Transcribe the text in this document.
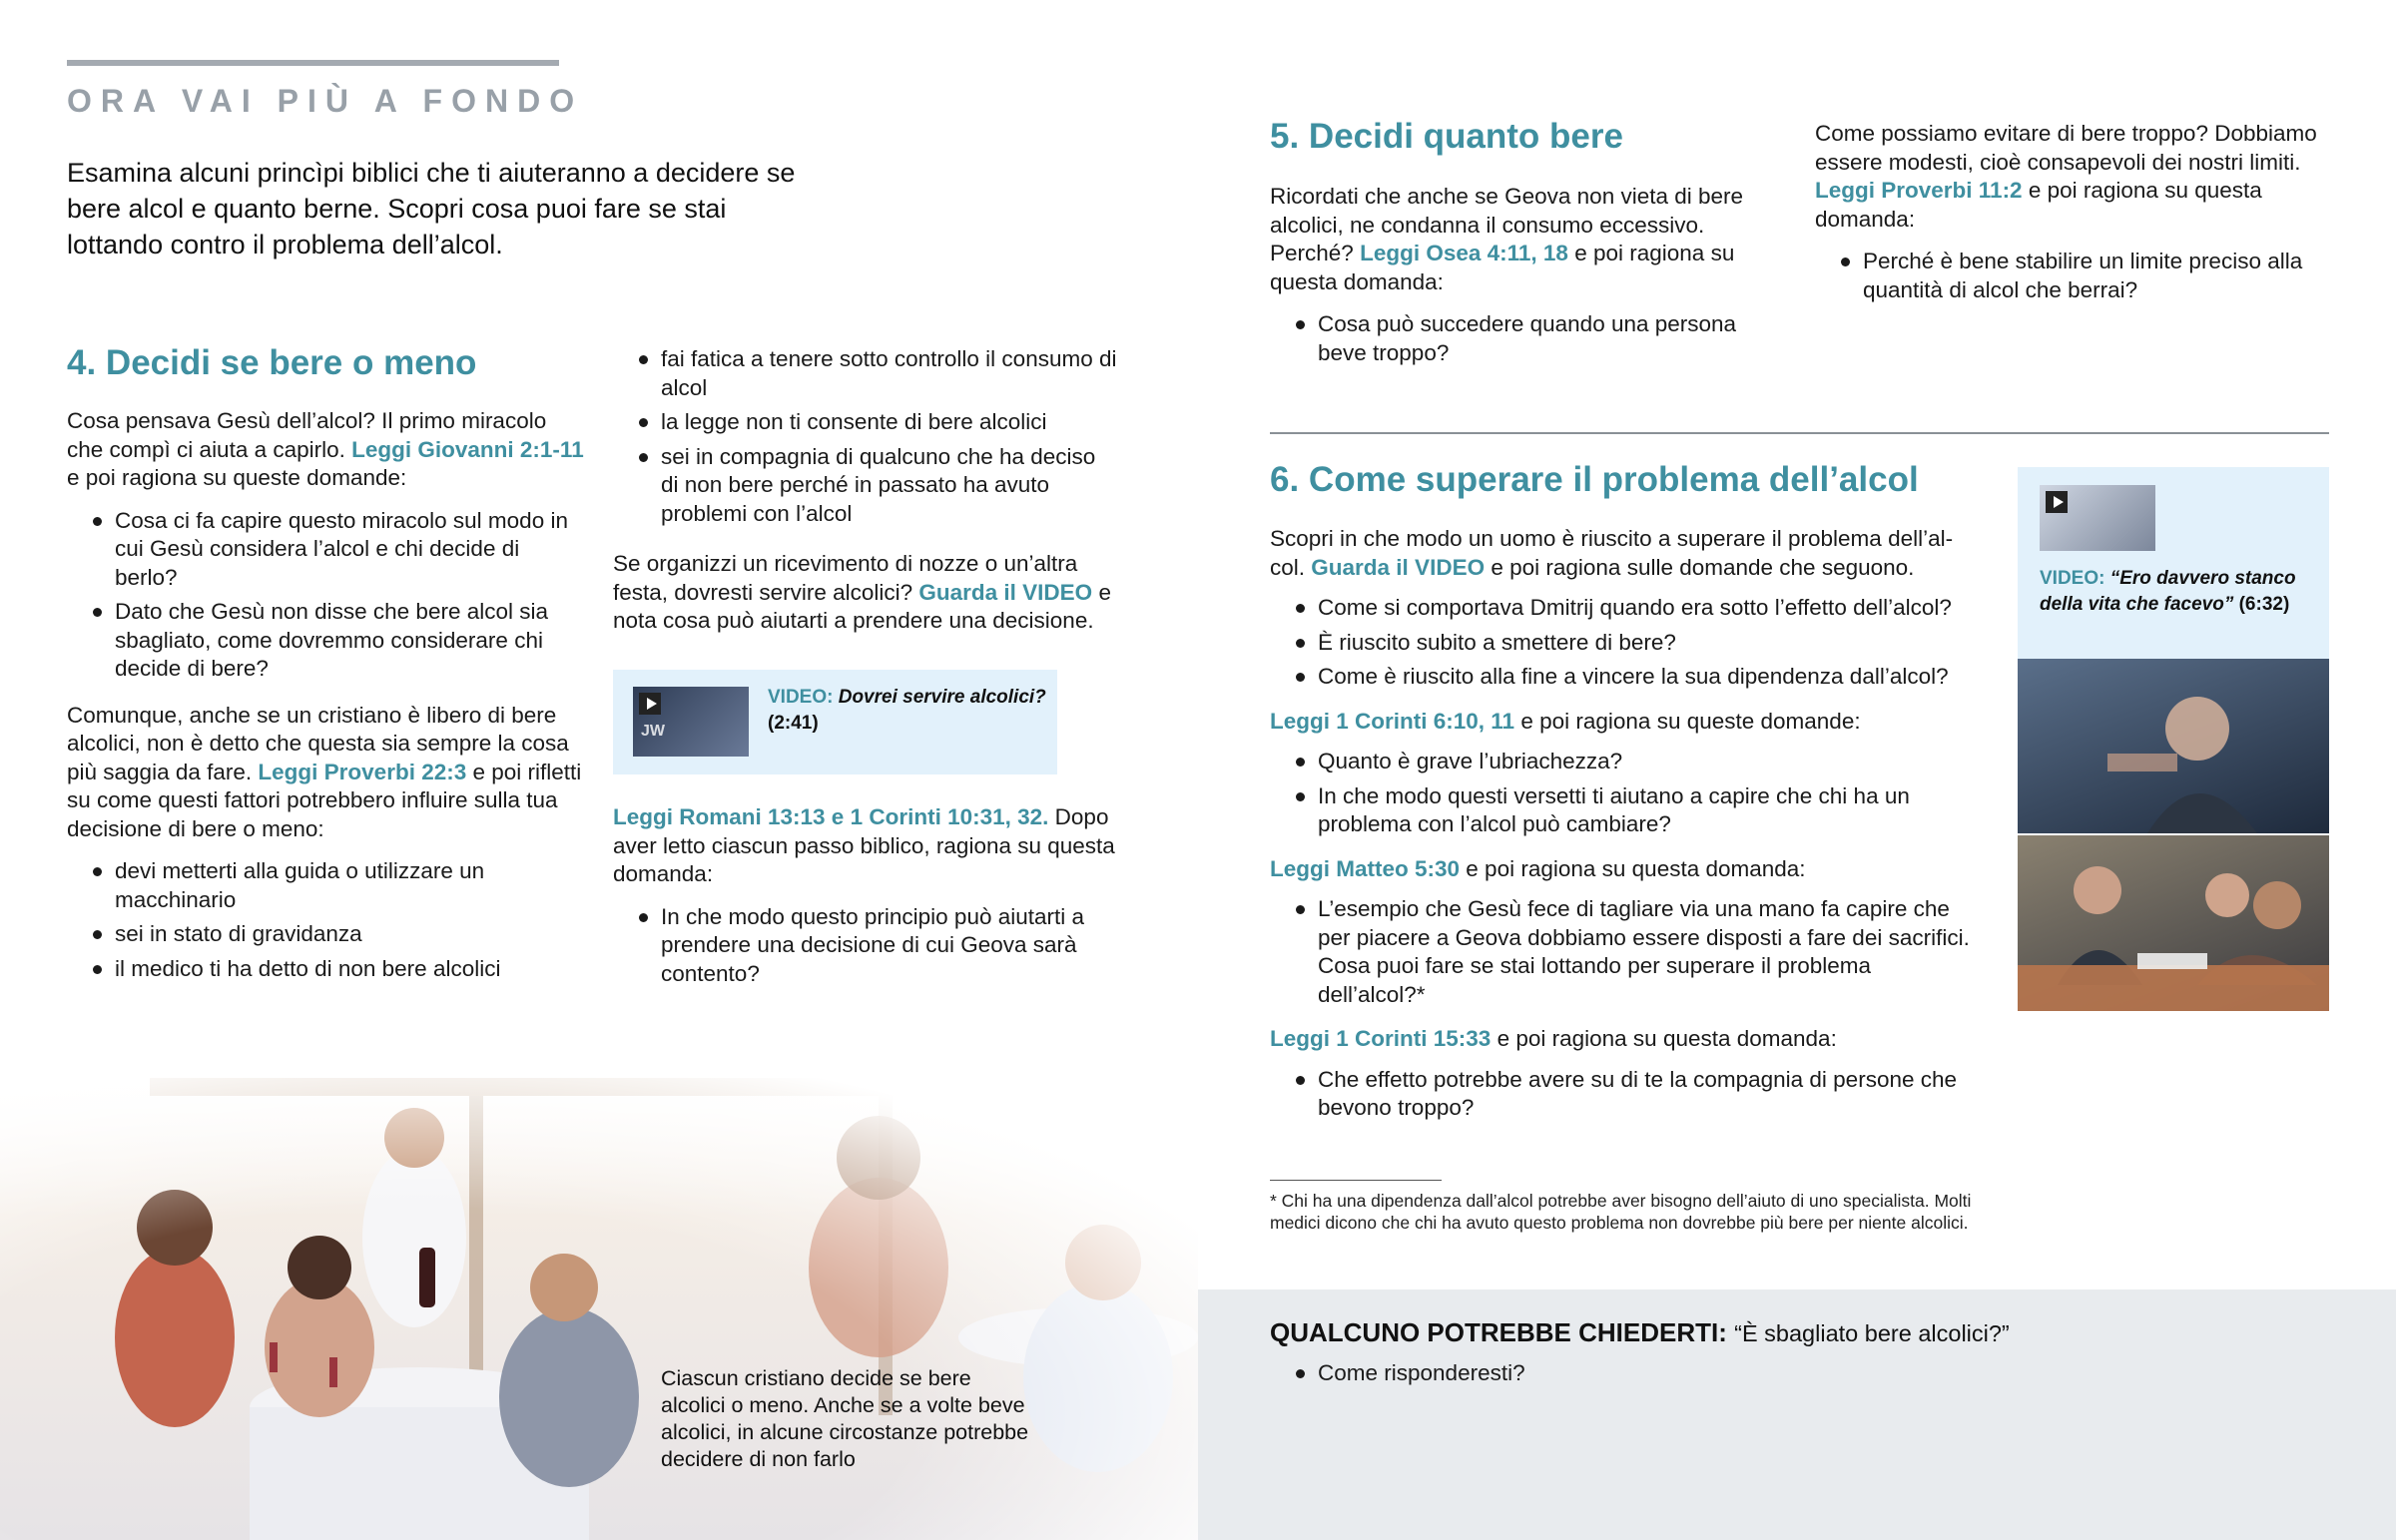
ORA VAI PIÙ A FONDO

Esamina alcuni princìpi biblici che ti aiuteranno a decidere se bere alcol e quanto berne. Scopri cosa puoi fare se stai lottando contro il problema dell’alcol.

4. Decidi se bere o meno

Cosa pensava Gesù dell’alcol? Il primo miracolo che compì ci aiuta a capirlo. Leggi Giovanni 2:1-11 e poi ragiona su queste domande:

Cosa ci fa capire questo miracolo sul modo in cui Gesù considera l’alcol e chi decide di berlo?
Dato che Gesù non disse che bere alcol sia sbagliato, come dovremmo considerare chi decide di bere?

Comunque, anche se un cristiano è libero di bere alcolici, non è detto che questa sia sempre la cosa più saggia da fare. Leggi Proverbi 22:3 e poi rifletti su come questi fattori potrebbero influire sulla tua decisione di bere o meno:

devi metterti alla guida o utilizzare un macchinario
sei in stato di gravidanza
il medico ti ha detto di non bere alcolici
fai fatica a tenere sotto controllo il consumo di alcol
la legge non ti consente di bere alcolici
sei in compagnia di qualcuno che ha deciso di non bere perché in passato ha avuto problemi con l’alcol

Se organizzi un ricevimento di nozze o un’altra festa, dovresti servire alcolici? Guarda il VIDEO e nota cosa può aiutarti a prendere una decisione.

JW
VIDEO: Dovrei servire alcolici?
(2:41)

Leggi Romani 13:13 e 1 Corinti 10:31, 32. Dopo aver letto ciascun passo biblico, ragiona su questa domanda:

In che modo questo principio può aiutarti a prendere una decisione di cui Geova sarà contento?

Ciascun cristiano decide se bere alcolici o meno. Anche se a volte beve alcolici, in alcune circostanze potrebbe decidere di non farlo

5. Decidi quanto bere

Ricordati che anche se Geova non vieta di bere alcolici, ne condanna il consumo eccessivo. Perché? Leggi Osea 4:11, 18 e poi ragiona su questa domanda:

Cosa può succedere quando una persona beve troppo?

Come possiamo evitare di bere troppo? Dobbiamo essere modesti, cioè consapevoli dei nostri limiti. Leggi Proverbi 11:2 e poi ragiona su questa domanda:

Perché è bene stabilire un limite preciso alla quantità di alcol che berrai?
6. Come superare il problema dell’alcol

Scopri in che modo un uomo è riuscito a superare il problema dell’alcol. Guarda il VIDEO e poi ragiona sulle domande che seguono.

Come si comportava Dmitrij quando era sotto l’effetto dell’alcol?
È riuscito subito a smettere di bere?
Come è riuscito alla fine a vincere la sua dipendenza dall’alcol?

Leggi 1 Corinti 6:10, 11 e poi ragiona su queste domande:

Quanto è grave l’ubriachezza?
In che modo questi versetti ti aiutano a capire che chi ha un problema con l’alcol può cambiare?

Leggi Matteo 5:30 e poi ragiona su questa domanda:

L’esempio che Gesù fece di tagliare via una mano fa capire che per piacere a Geova dobbiamo essere disposti a fare dei sacrifici. Cosa puoi fare se stai lottando per superare il problema dell’alcol?*

Leggi 1 Corinti 15:33 e poi ragiona su questa domanda:

Che effetto potrebbe avere su di te la compagnia di persone che bevono troppo?

* Chi ha una dipendenza dall’alcol potrebbe aver bisogno dell’aiuto di uno specialista. Molti medici dicono che chi ha avuto questo problema non dovrebbe più bere per niente alcolici.

VIDEO: “Ero davvero stanco della vita che facevo” (6:32)

QUALCUNO POTREBBE CHIEDERTI: “È sbagliato bere alcolici?”

Come risponderesti?
